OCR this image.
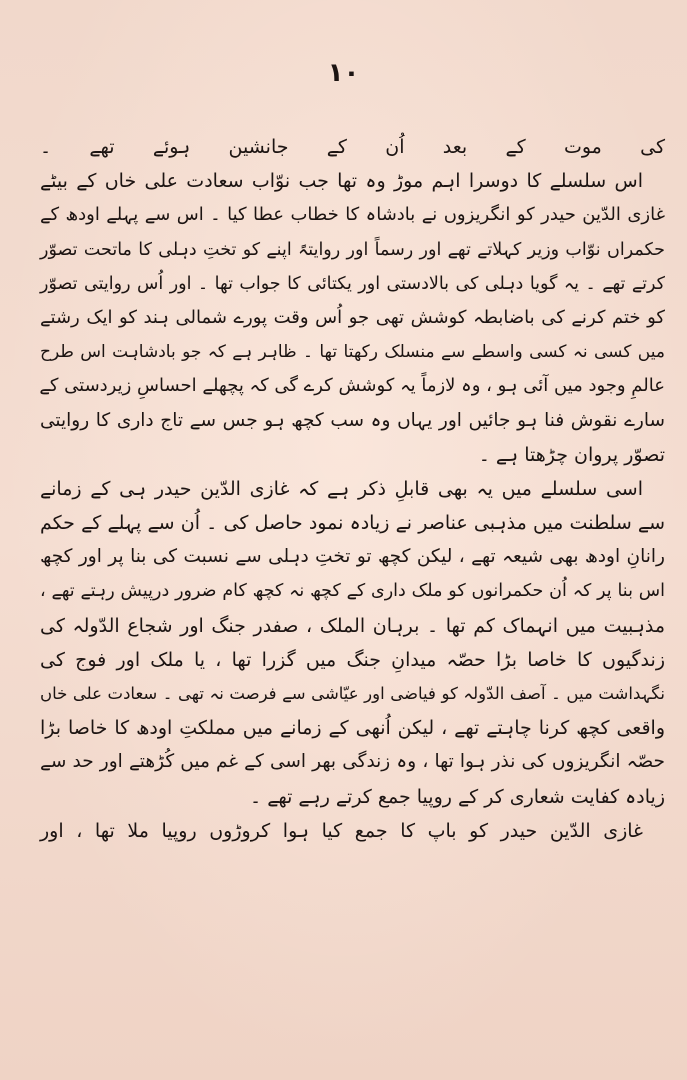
۱۰
کی موت کے بعد اُن کے جانشین ہوئے تھے ۔
اس سلسلے کا دوسرا اہم موڑ وہ تھا جب نوّاب سعادت علی خاں کے بیٹے
غازی الدّین حیدر کو انگریزوں نے بادشاہ کا خطاب عطا کیا ۔ اس سے پہلے اودھ کے
حکمراں نوّاب وزیر کہلاتے تھے اور رسماً اور روایتہً اپنے کو تختِ دہلی کا ماتحت تصوّر
کرتے تھے ۔ یہ گویا دہلی کی بالادستی اور یکتائی کا جواب تھا ۔ اور اُس روایتی تصوّر
کو ختم کرنے کی باضابطہ کوشش تھی جو اُس وقت پورے شمالی ہند کو ایک رشتے
میں کسی نہ کسی واسطے سے منسلک رکھتا تھا ۔ ظاہر ہے کہ جو بادشاہت اس طرح
عالمِ وجود میں آئی ہو ، وہ لازماً یہ کوشش کرے گی کہ پچھلے احساسِ زیردستی کے
سارے نقوش فنا ہو جائیں اور یہاں وہ سب کچھ ہو جس سے تاج داری کا روایتی
تصوّر پروان چڑھتا ہے ۔
اسی سلسلے میں یہ بھی قابلِ ذکر ہے کہ غازی الدّین حیدر ہی کے زمانے
سے سلطنت میں مذہبی عناصر نے زیادہ نمود حاصل کی ۔ اُن سے پہلے کے حکم
رانانِ اودھ بھی شیعہ تھے ، لیکن کچھ تو تختِ دہلی سے نسبت کی بنا پر اور کچھ
اس بنا پر کہ اُن حکمرانوں کو ملک داری کے کچھ نہ کچھ کام ضرور درپیش رہتے تھے ،
مذہبیت میں انہماک کم تھا ۔ برہان الملک ، صفدر جنگ اور شجاع الدّولہ کی
زندگیوں کا خاصا بڑا حصّہ میدانِ جنگ میں گزرا تھا ، یا ملک اور فوج کی
نگہداشت میں ۔ آصف الدّولہ کو فیاضی اور عیّاشی سے فرصت نہ تھی ۔ سعادت علی خاں
واقعی کچھ کرنا چاہتے تھے ، لیکن اُنھی کے زمانے میں مملکتِ اودھ کا خاصا بڑا
حصّہ انگریزوں کی نذر ہوا تھا ، وہ زندگی بھر اسی کے غم میں کُڑھتے اور حد سے
زیادہ کفایت شعاری کر کے روپیا جمع کرتے رہے تھے ۔
غازی الدّین حیدر کو باپ کا جمع کیا ہوا کروڑوں روپیا ملا تھا ، اور
